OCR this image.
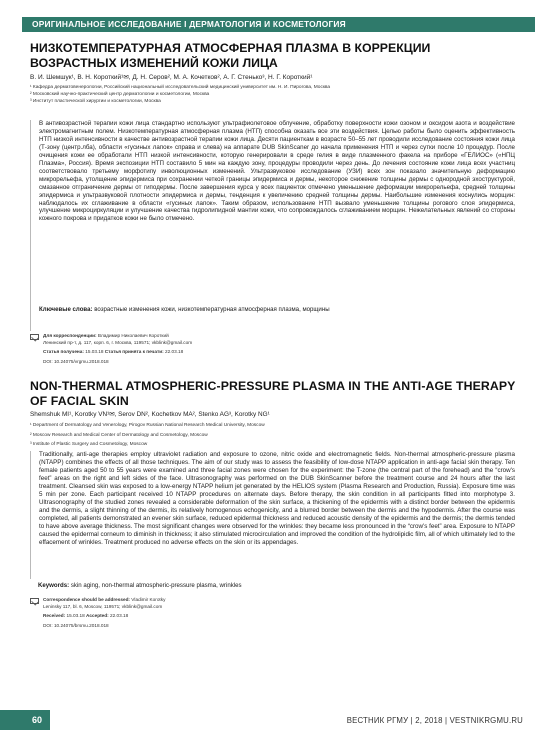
ОРИГИНАЛЬНОЕ ИССЛЕДОВАНИЕ I ДЕРМАТОЛОГИЯ И КОСМЕТОЛОГИЯ
НИЗКОТЕМПЕРАТУРНАЯ АТМОСФЕРНАЯ ПЛАЗМА В КОРРЕКЦИИ ВОЗРАСТНЫХ ИЗМЕНЕНИЙ КОЖИ ЛИЦА
В. И. Шемшук¹, В. Н. Короткий¹✉, Д. Н. Серов², М. А. Кочетков², А. Г. Стенько³, Н. Г. Короткий¹
¹ Кафедра дерматовенерологии, Российский национальный исследовательский медицинский университет им. Н. И. Пирогова, Москва
² Московский научно-практический центр дерматологии и косметологии, Москва
³ Институт пластической хирургии и косметологии, Москва
В антивозрастной терапии кожи лица стандартно используют ультрафиолетовое облучение, обработку поверхности кожи озоном и оксидом азота и воздействие электромагнитным полем. Низкотемпературная атмосферная плазма (НТП) способна оказать все эти воздействия. Целью работы было оценить эффективность НТП низкой интенсивности в качестве антивозрастной терапии кожи лица. Десяти пациенткам в возрасте 50–55 лет проводили исследование состояния кожи лица (Т-зону (центр.лба), области «гусиных лапок» справа и слева) на аппарате DUB SkinScaner до начала применения НТП и через сутки после 10 процедур. После очищения кожи ее обработали НТП низкой интенсивности, которую генерировали в среде гелия в виде плазменного факела на приборе «ГЕЛИОС» («НПЦ Плазма», Россия). Время экспозиции НТП составило 5 мин на каждую зону, процедуры проводили через день. До лечения состояние кожи лица всех участниц соответствовало третьему морфотипу инволюционных изменений. Ультразвуковое исследование (УЗИ) всех зон показало значительную деформацию микрорельефа, утолщение эпидермиса при сохранении четкой границы эпидермиса и дермы, некоторое снижение толщины дермы с однородной эхоструктурой, смазанное отграничение дермы от гиподермы. После завершения курса у всех пациенток отмечено уменьшение деформации микрорельефа, средней толщины эпидермиса и ультразвуковой плотности эпидермиса и дермы, тенденция к увеличению средней толщины дермы. Наибольшие изменения коснулись морщин: наблюдалось их сглаживание в области «гусиных лапок». Таким образом, использование НТП вызвало уменьшение толщины рогового слоя эпидермиса, улучшение микроциркуляции и улучшение качества гидролипидной мантии кожи, что сопровождалось сглаживанием морщин. Нежелательных явлений со стороны кожного покрова и придатков кожи не было отмечено.
Ключевые слова: возрастные изменения кожи, низкотемпературная атмосферная плазма, морщины
Для корреспонденции: Владимир Николаевич Короткий
Ленинский пр-т, д. 117, корп. 6, г. Москва, 119571; vkblink@gmail.com
Статья получена: 15.03.18 Статья принята к печати: 22.03.18
DOI: 10.24075/vrgmu.2018.018
NON-THERMAL ATMOSPHERIC-PRESSURE PLASMA IN THE ANTI-AGE THERAPY OF FACIAL SKIN
Shemshuk MI¹, Korotky VN¹✉, Serov DN², Kochetkov MA², Stenko AG³, Korotky NG¹
¹ Department of Dermatology and Venerology, Pirogov Russian National Research Medical University, Moscow
² Moscow Research and Medical Center of Dermatology and Cosmetology, Moscow
³ Institute of Plastic Surgery and Cosmetology, Moscow
Traditionally, anti-age therapies employ ultraviolet radiation and exposure to ozone, nitric oxide and electromagnetic fields. Non-thermal atmospheric-pressure plasma (NTAPP) combines the effects of all those techniques. The aim of our study was to assess the feasibility of low-dose NTAPP application in anti-age facial skin therapy. Ten female patients aged 50 to 55 years were examined and three facial zones were chosen for the experiment: the T-zone (the central part of the forehead) and the “crow's feet” areas on the right and left sides of the face. Ultrasonography was performed on the DUB SkinScanner before the treatment course and 24 hours after the last treatment. Cleansed skin was exposed to a low-energy NTAPP helium jet generated by the HELIOS system (Plasma Research and Production, Russia). Exposure time was 5 min per zone. Each participant received 10 NTAPP procedures on alternate days. Before therapy, the skin condition in all participants fitted into morphotype 3. Ultrasonography of the studied zones revealed a considerable deformation of the skin surface, a thickening of the epidermis with a distinct border between the epidermis and the dermis, a slight thinning of the dermis, its relatively homogenous echogenicity, and a blurred border between the dermis and the hypodermis. After the course was completed, all patients demonstrated an evener skin surface, reduced epidermal thickness and reduced acoustic density of the epidermis and the dermis; the dermis tended to have above average thickness. The most significant changes were observed for the wrinkles: they became less pronounced in the “crow's feet” area. Exposure to NTAPP caused the epidermal corneum to diminish in thickness; it also stimulated microcirculation and improved the condition of the hydrolipidic film, all of which ultimately led to the effacement of wrinkles. Treatment produced no adverse effects on the skin or its appendages.
Keywords: skin aging, non-thermal atmospheric-pressure plasma, wrinkles
Correspondence should be addressed: Vladimir Korotky
Leninsky 117, bl. 6, Moscow, 119571; vkblink@gmail.com
Received: 15.03.18 Accepted: 22.03.18
DOI: 10.24075/brsmu.2018.018
60	ВЕСТНИК РГМУ | 2, 2018 | VESTNIKRGMU.RU
